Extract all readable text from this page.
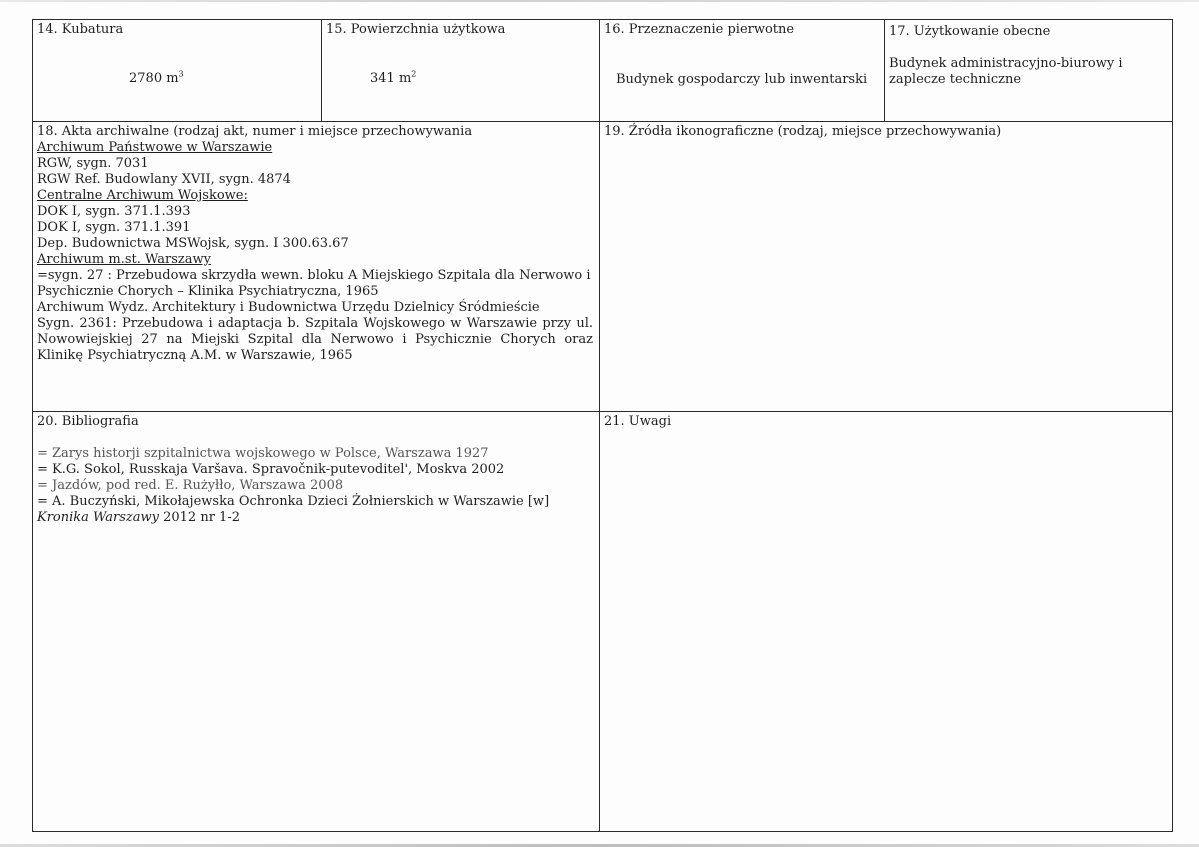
14. Kubatura
2780 $m^3$
15. Powierzchnia użytkowa
341 $m^2$
16. Przeznaczenie pierwotne
Budynek gospodarczy lub inwentarski
17. Użytkowanie obecne
Budynek administracyjno-biurowy i zaplecze techniczne
18. Akta archiwalne (rodzaj akt, numer i miejsce przechowywania
Archiwum Państwowe w Warszawie
RGW, sygn. 7031
RGW Ref. Budowlany XVII, sygn. 4874
Centralne Archiwum Wojskowe:
DOK I, sygn. 371.1.393
DOK I, sygn. 371.1.391
Dep. Budownictwa MSWojsk, sygn. I 300.63.67
Archiwum m.st. Warszawy
=sygn. 27 : Przebudowa skrzydła wewn. bloku A Miejskiego Szpitala dla Nerwowo i
Psychicznie Chorych – Klinika Psychiatryczna, 1965
Archiwum Wydz. Architektury i Budownictwa Urzędu Dzielnicy Śródmieście
Sygn. 2361: Przebudowa i adaptacja b. Szpitala Wojskowego w Warszawie przy ul. Nowowiejskiej 27 na Miejski Szpital dla Nerwowo i Psychicznie Chorych oraz Klinikę Psychiatryczną A.M. w Warszawie, 1965
19. Źródła ikonograficzne (rodzaj, miejsce przechowywania)
20. Bibliografia
= Zarys historji szpitalnictwa wojskowego w Polsce, Warszawa 1927
= K.G. Sokol, Russkaja Varšava. Spravočnik-putevoditel', Moskva 2002
= Jazdów, pod red. E. Rużyłło, Warszawa 2008
= A. Buczyński, Mikołajewska Ochronka Dzieci Żołnierskich w Warszawie [w] Kronika Warszawy 2012 nr 1-2
21. Uwagi
